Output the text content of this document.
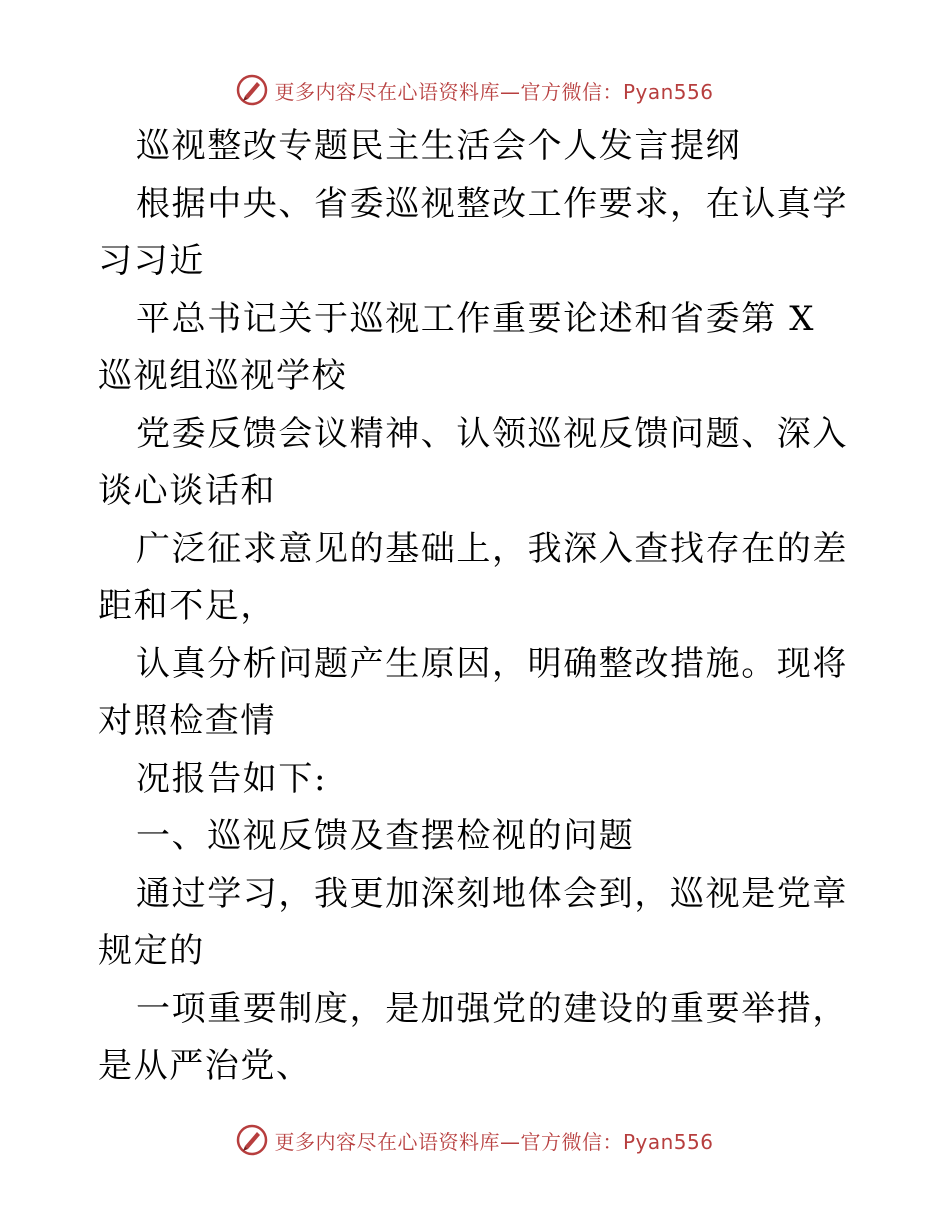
更多内容尽在心语资料库—官方微信：Pyan556

巡视整改专题民主生活会个人发言提纲

根据中央、省委巡视整改工作要求，在认真学习习近

平总书记关于巡视工作重要论述和省委第 X 巡视组巡视学校

党委反馈会议精神、认领巡视反馈问题、深入谈心谈话和

广泛征求意见的基础上，我深入查找存在的差距和不足，

认真分析问题产生原因，明确整改措施。现将对照检查情

况报告如下:

一、巡视反馈及查摆检视的问题

通过学习，我更加深刻地体会到，巡视是党章规定的

一项重要制度，是加强党的建设的重要举措，是从严治党、

更多内容尽在心语资料库—官方微信：Pyan556
